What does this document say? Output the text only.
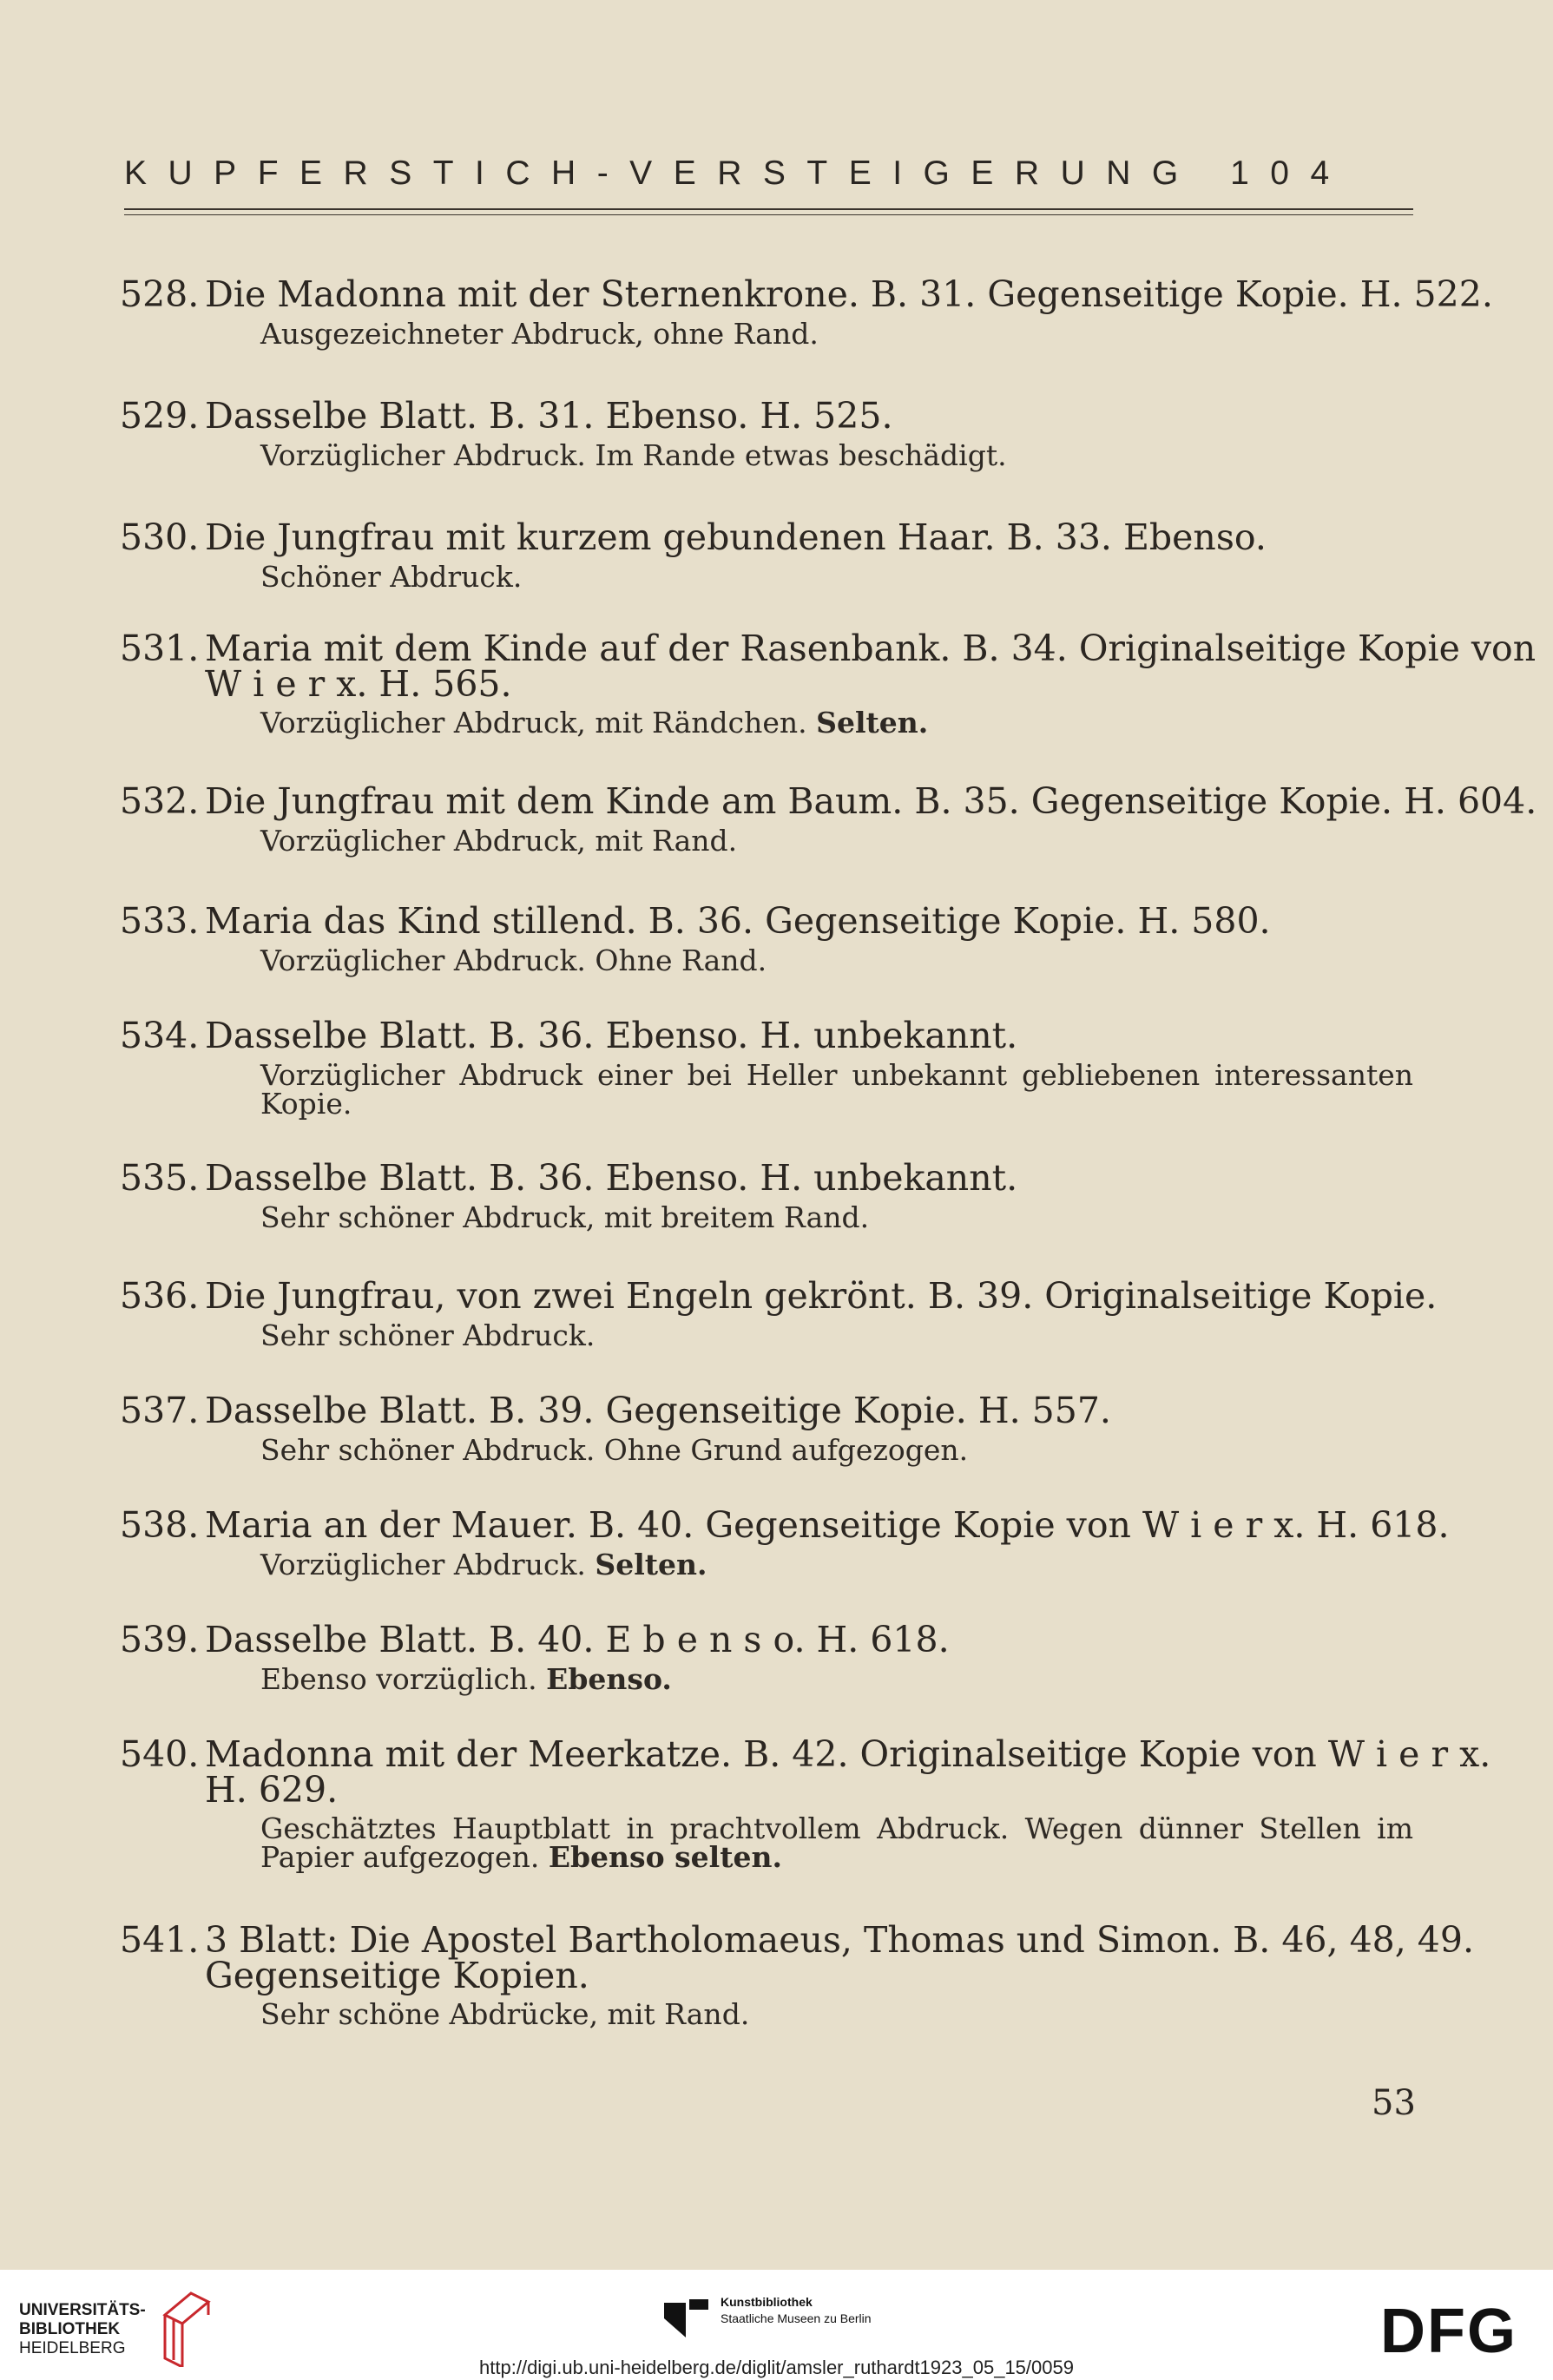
KUPFERSTICH-VERSTEIGERUNG 104
528. Die Madonna mit der Sternenkrone. B. 31. Gegenseitige Kopie. H. 522.
Ausgezeichneter Abdruck, ohne Rand.
529. Dasselbe Blatt. B. 31. Ebenso. H. 525.
Vorzüglicher Abdruck. Im Rande etwas beschädigt.
530. Die Jungfrau mit kurzem gebundenen Haar. B. 33. Ebenso.
Schöner Abdruck.
531. Maria mit dem Kinde auf der Rasenbank. B. 34. Originalseitige Kopie von
W i e r x. H. 565.
Vorzüglicher Abdruck, mit Rändchen. Selten.
532. Die Jungfrau mit dem Kinde am Baum. B. 35. Gegenseitige Kopie. H. 604.
Vorzüglicher Abdruck, mit Rand.
533. Maria das Kind stillend. B. 36. Gegenseitige Kopie. H. 580.
Vorzüglicher Abdruck. Ohne Rand.
534. Dasselbe Blatt. B. 36. Ebenso. H. unbekannt.
Vorzüglicher Abdruck einer bei Heller unbekannt gebliebenen interessanten Kopie.
535. Dasselbe Blatt. B. 36. Ebenso. H. unbekannt.
Sehr schöner Abdruck, mit breitem Rand.
536. Die Jungfrau, von zwei Engeln gekrönt. B. 39. Originalseitige Kopie.
Sehr schöner Abdruck.
537. Dasselbe Blatt. B. 39. Gegenseitige Kopie. H. 557.
Sehr schöner Abdruck. Ohne Grund aufgezogen.
538. Maria an der Mauer. B. 40. Gegenseitige Kopie von W i e r x. H. 618.
Vorzüglicher Abdruck. Selten.
539. Dasselbe Blatt. B. 40. E b e n s o. H. 618.
Ebenso vorzüglich. Ebenso.
540. Madonna mit der Meerkatze. B. 42. Originalseitige Kopie von W i e r x.
H. 629.
Geschätztes Hauptblatt in prachtvollem Abdruck. Wegen dünner Stellen im Papier aufgezogen. Ebenso selten.
541. 3 Blatt: Die Apostel Bartholomaeus, Thomas und Simon. B. 46, 48, 49.
Gegenseitige Kopien.
Sehr schöne Abdrücke, mit Rand.
53
UNIVERSITÄTS-
BIBLIOTHEK
HEIDELBERG
Kunstbibliothek
Staatliche Museen zu Berlin	DFG
http://digi.ub.uni-heidelberg.de/diglit/amsler_ruthardt1923_05_15/0059
